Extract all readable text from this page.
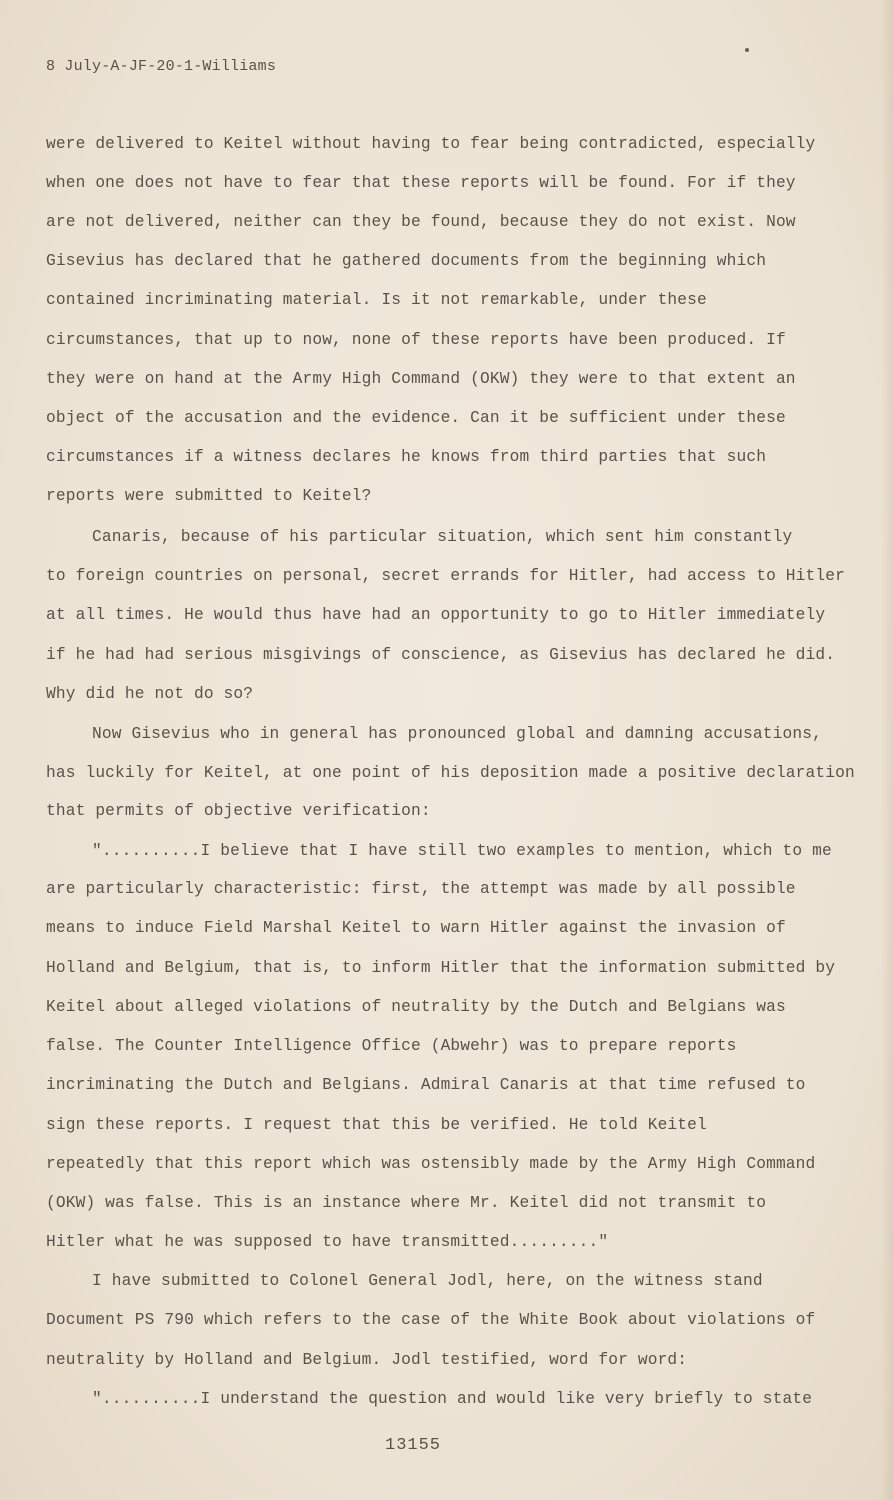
8 July-A-JF-20-1-Williams
were delivered to Keitel without having to fear being contradicted, especially
when one does not have to fear that these reports will be found. For if they
are not delivered, neither can they be found, because they do not exist. Now
Gisevius has declared that he gathered documents from the beginning which
contained incriminating material. Is it not remarkable, under these
circumstances, that up to now, none of these reports have been produced. If
they were on hand at the Army High Command (OKW) they were to that extent an
object of the accusation and the evidence. Can it be sufficient under these
circumstances if a witness declares he knows from third parties that such
reports were submitted to Keitel?
Canaris, because of his particular situation, which sent him constantly
to foreign countries on personal, secret errands for Hitler, had access to Hitler
at all times. He would thus have had an opportunity to go to Hitler immediately
if he had had serious misgivings of conscience, as Gisevius has declared he did.
Why did he not do so?
Now Gisevius who in general has pronounced global and damning accusations,
has luckily for Keitel, at one point of his deposition made a positive declaration
that permits of objective verification:
"..........I believe that I have still two examples to mention, which to me
are particularly characteristic: first, the attempt was made by all possible
means to induce Field Marshal Keitel to warn Hitler against the invasion of
Holland and Belgium, that is, to inform Hitler that the information submitted by
Keitel about alleged violations of neutrality by the Dutch and Belgians was
false. The Counter Intelligence Office (Abwehr) was to prepare reports
incriminating the Dutch and Belgians. Admiral Canaris at that time refused to
sign these reports. I request that this be verified. He told Keitel
repeatedly that this report which was ostensibly made by the Army High Command
(OKW) was false. This is an instance where Mr. Keitel did not transmit to
Hitler what he was supposed to have transmitted........."
I have submitted to Colonel General Jodl, here, on the witness stand
Document PS 790 which refers to the case of the White Book about violations of
neutrality by Holland and Belgium. Jodl testified, word for word:
"..........I understand the question and would like very briefly to state
13155
